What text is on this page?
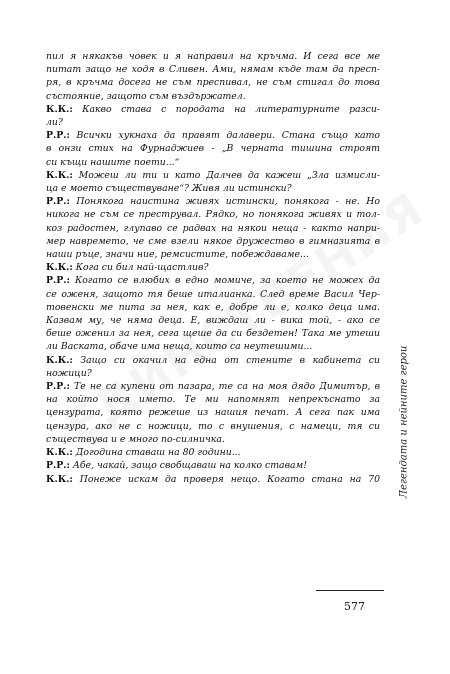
пил я някакъв човек и я направил на кръчма. И сега все ме
питат защо не ходя в Сливен. Ами, нямам къде там да пресп-
ря, в кръчма досега не съм преспивал, не съм стигал до това
състояние, защото съм въздържател.
К.К.: Какво става с породата на литературните разси-
ли?
Р.Р.: Всички хукнаха да правят далавери. Стана също като
в онзи стих на Фурнаджиев - „В черната тишина строят
си къщи нашите поети...“
К.К.: Можеш ли ти и като Далчев да кажеш „Зла измисли-
ца е моето съществуване“? Живя ли истински?
Р.Р.: Понякога наистина живях истински, понякога - не. Но
никога не съм се преструвал. Рядко, но понякога живях и тол-
коз радостен, глупаво се радвах на някои неща - както напри-
мер навремето, че сме взели някое дружество в гимназията в
наши ръце, значи ние, ремсистите, побеждаваме...
К.К.: Кога си бил най-щастлив?
Р.Р.: Когато се влюбих в едно момиче, за което не можех да
се оженя, защото тя беше италианка. След време Васил Чер-
товенски ме пита за нея, как е, добре ли е, колко деца има.
Казвам му, че няма деца. Е, виждаш ли - вика той, - ако се
беше оженил за нея, сега щеше да си бездетен! Така ме утеши
ли Васката, обаче има неща, които са неутешими...
К.К.: Защо си окачил на една от стените в кабинета си
ножици?
Р.Р.: Те не са купени от пазара, те са на моя дядо Димитър, в
на който нося името. Те ми напомнят непрекъснато за
цензурата, която режеше из нашия печат. А сега пак има
цензура, ако не с ножици, то с внушения, с намеци, тя си
съществува и е много по-силничка.
К.К.: Догодина ставаш на 80 години...
Р.Р.: Абе, чакай, защо свобщаваш на колко ставам!
К.К.: Понеже искам да проверя нещо. Когато стана на 70 Легендата и нейните герои
577
